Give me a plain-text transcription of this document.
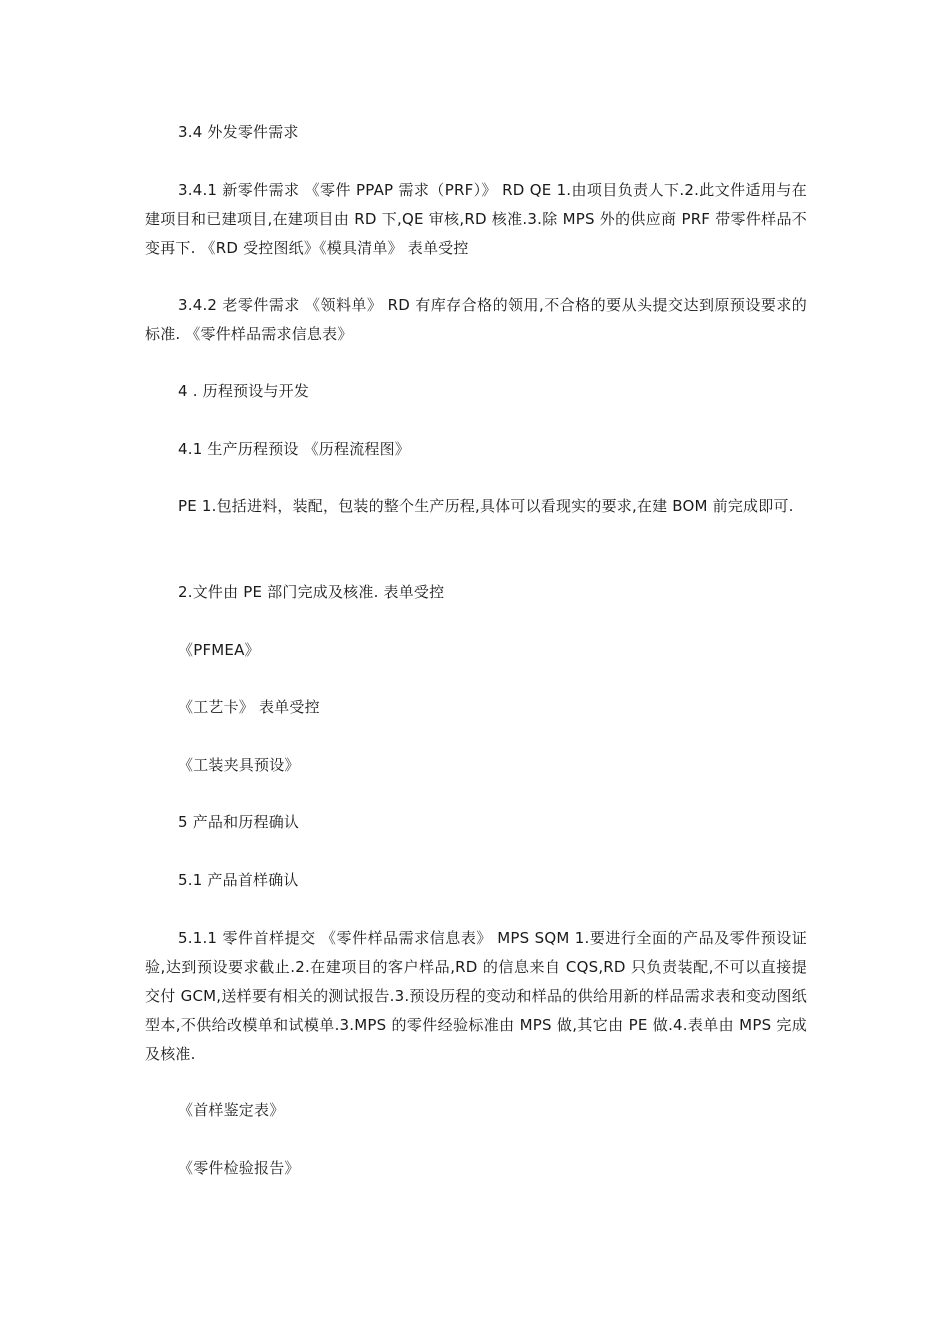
3.4 外发零件需求

3.4.1 新零件需求 《零件 PPAP 需求（PRF）》 RD QE 1.由项目负责人下.2.此文件适用与在建项目和已建项目,在建项目由 RD 下,QE 审核,RD 核准.3.除 MPS 外的供应商 PRF 带零件样品不变再下. 《RD 受控图纸》《模具清单》 表单受控

3.4.2 老零件需求 《领料单》 RD 有库存合格的领用,不合格的要从头提交达到原预设要求的标准. 《零件样品需求信息表》

4 . 历程预设与开发

4.1 生产历程预设 《历程流程图》

PE 1.包括进料，装配，包装的整个生产历程,具体可以看现实的要求,在建 BOM 前完成即可.

2.文件由 PE 部门完成及核准. 表单受控

《PFMEA》

《工艺卡》 表单受控

《工装夹具预设》

5 产品和历程确认

5.1 产品首样确认

5.1.1 零件首样提交 《零件样品需求信息表》 MPS SQM 1.要进行全面的产品及零件预设证验,达到预设要求截止.2.在建项目的客户样品,RD 的信息来自 CQS,RD 只负责装配,不可以直接提交付 GCM,送样要有相关的测试报告.3.预设历程的变动和样品的供给用新的样品需求表和变动图纸型本,不供给改模单和试模单.3.MPS 的零件经验标准由 MPS 做,其它由 PE 做.4.表单由 MPS 完成及核准.

《首样鉴定表》

《零件检验报告》
